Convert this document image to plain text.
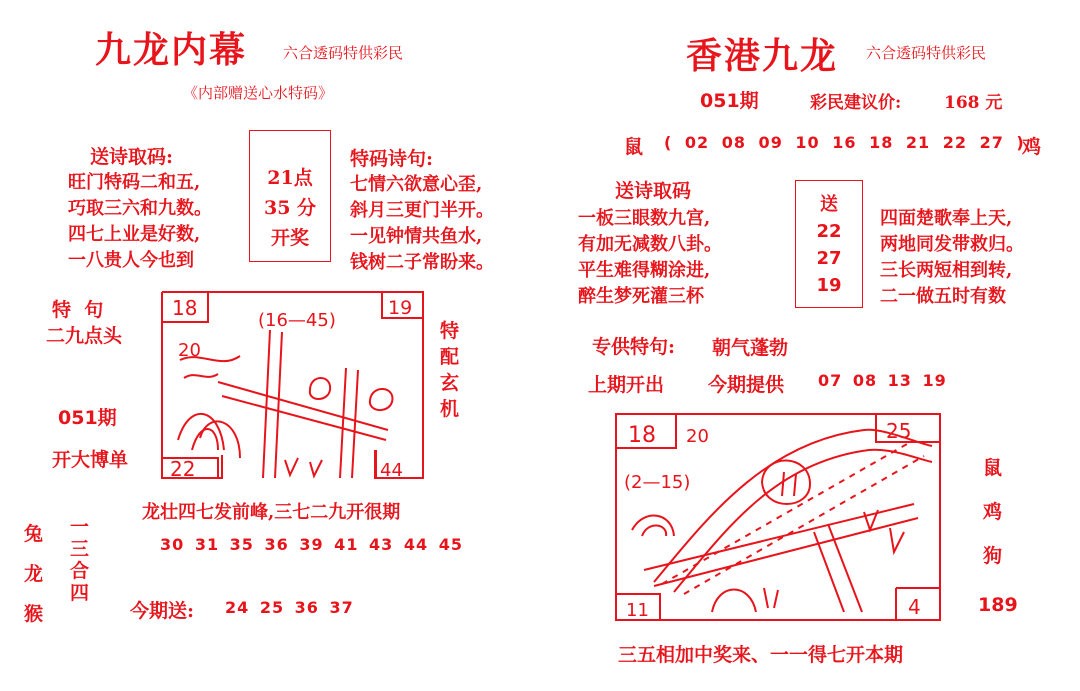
九龙内幕 六合透码特供彩民
《内部赠送心水特码》
送诗取码:
旺门特码二和五,
巧取三六和九数。
四七上业是好数,
一八贵人今也到
21点
35 分
开奖
特码诗句:
七情六欲意心歪,
斜月三更门半开。
一见钟情共鱼水,
钱树二子常盼来。
特  句
二九点头
051期
开大博单
特
配
玄
机
18	19
22	44
(16—45)
20
龙壮四七发前峰,三七二九开很期
30 31 35 36 39 41 43 44 45
兔
龙
猴
一
三
合
四
今期送: 24 25 36 37
香港九龙 六合透码特供彩民
051期	彩民建议价:	168 元
鼠 ( 02 08 09 10 16 18 21 22 27 )
鸡
送诗取码
一板三眼数九宫,
有加无减数八卦。
平生难得糊涂进,
醉生梦死灌三杯
送
22
27
19
四面楚歌奉上天,
两地同发带救归。
三长两短相到转,
二一做五时有数
专供特句: 朝气蓬勃
上期开出 今期提供 07 08 13 19
18	25
11	4
(2—15)
20
鼠
鸡
狗
189
三五相加中奖来、一一得七开本期
